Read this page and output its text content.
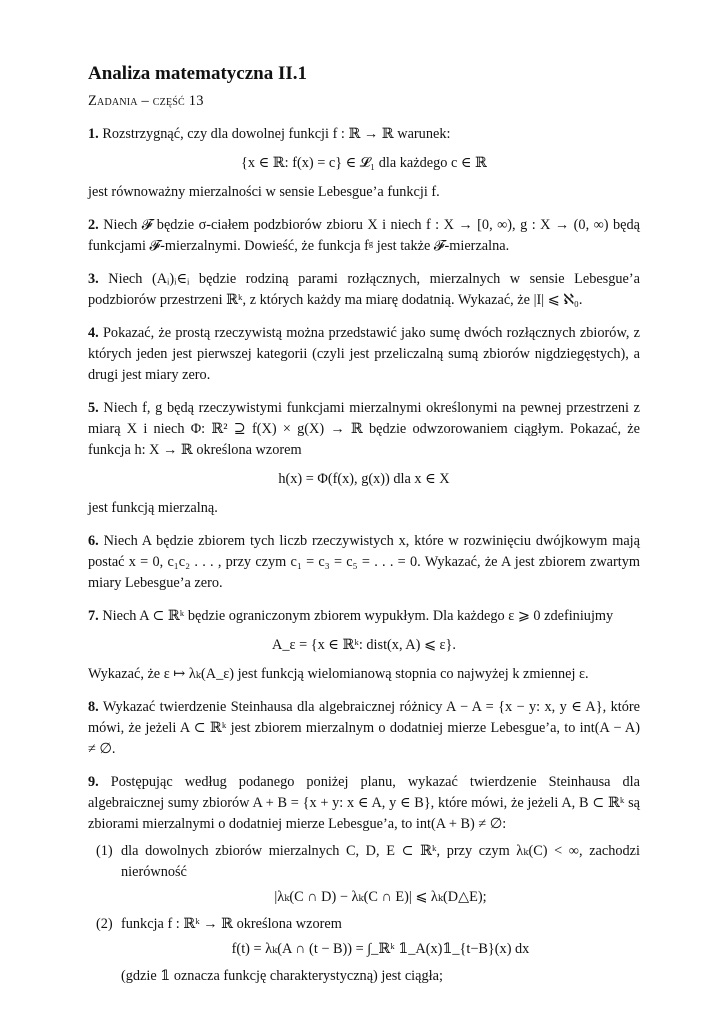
Analiza matematyczna II.1
Zadania – część 13

1. Rozstrzygnąć, czy dla dowolnej funkcji f : ℝ → ℝ warunek:

{x ∈ ℝ: f(x) = c} ∈ 𝓛₁ dla każdego c ∈ ℝ

jest równoważny mierzalności w sensie Lebesgue’a funkcji f.

2. Niech 𝓕 będzie σ-ciałem podzbiorów zbioru X i niech f : X → [0, ∞), g : X → (0, ∞) będą funkcjami 𝓕-mierzalnymi. Dowieść, że funkcja fᵍ jest także 𝓕-mierzalna.

3. Niech (Aᵢ)ᵢ∈ᵢ będzie rodziną parami rozłącznych, mierzalnych w sensie Lebesgue’a podzbiorów przestrzeni ℝᵏ, z których każdy ma miarę dodatnią. Wykazać, że |I| ⩽ ℵ₀.

4. Pokazać, że prostą rzeczywistą można przedstawić jako sumę dwóch rozłącznych zbiorów, z których jeden jest pierwszej kategorii (czyli jest przeliczalną sumą zbiorów nigdziegęstych), a drugi jest miary zero.

5. Niech f, g będą rzeczywistymi funkcjami mierzalnymi określonymi na pewnej przestrzeni z miarą X i niech Φ: ℝ² ⊇ f(X) × g(X) → ℝ będzie odwzorowaniem ciągłym. Pokazać, że funkcja h: X → ℝ określona wzorem

h(x) = Φ(f(x), g(x)) dla x ∈ X

jest funkcją mierzalną.

6. Niech A będzie zbiorem tych liczb rzeczywistych x, które w rozwinięciu dwójkowym mają postać x = 0, c₁c₂ . . . , przy czym c₁ = c₃ = c₅ = . . . = 0. Wykazać, że A jest zbiorem zwartym miary Lebesgue’a zero.

7. Niech A ⊂ ℝᵏ będzie ograniczonym zbiorem wypukłym. Dla każdego ε ⩾ 0 zdefiniujmy

A_ε = {x ∈ ℝᵏ: dist(x, A) ⩽ ε}.

Wykazać, że ε ↦ λₖ(A_ε) jest funkcją wielomianową stopnia co najwyżej k zmiennej ε.

8. Wykazać twierdzenie Steinhausa dla algebraicznej różnicy A − A = {x − y: x, y ∈ A}, które mówi, że jeżeli A ⊂ ℝᵏ jest zbiorem mierzalnym o dodatniej mierze Lebesgue’a, to int(A − A) ≠ ∅.

9. Postępując według podanego poniżej planu, wykazać twierdzenie Steinhausa dla algebraicznej sumy zbiorów A + B = {x + y: x ∈ A, y ∈ B}, które mówi, że jeżeli A, B ⊂ ℝᵏ są zbiorami mierzalnymi o dodatniej mierze Lebesgue’a, to int(A + B) ≠ ∅:

(1) dla dowolnych zbiorów mierzalnych C, D, E ⊂ ℝᵏ, przy czym λₖ(C) < ∞, zachodzi nierówność

|λₖ(C ∩ D) − λₖ(C ∩ E)| ⩽ λₖ(D△E);
(2) funkcja f : ℝᵏ → ℝ określona wzorem

f(t) = λₖ(A ∩ (t − B)) = ∫_ℝᵏ 𝟙_A(x)𝟙_{t−B}(x) dx

(gdzie 𝟙 oznacza funkcję charakterystyczną) jest ciągła;
